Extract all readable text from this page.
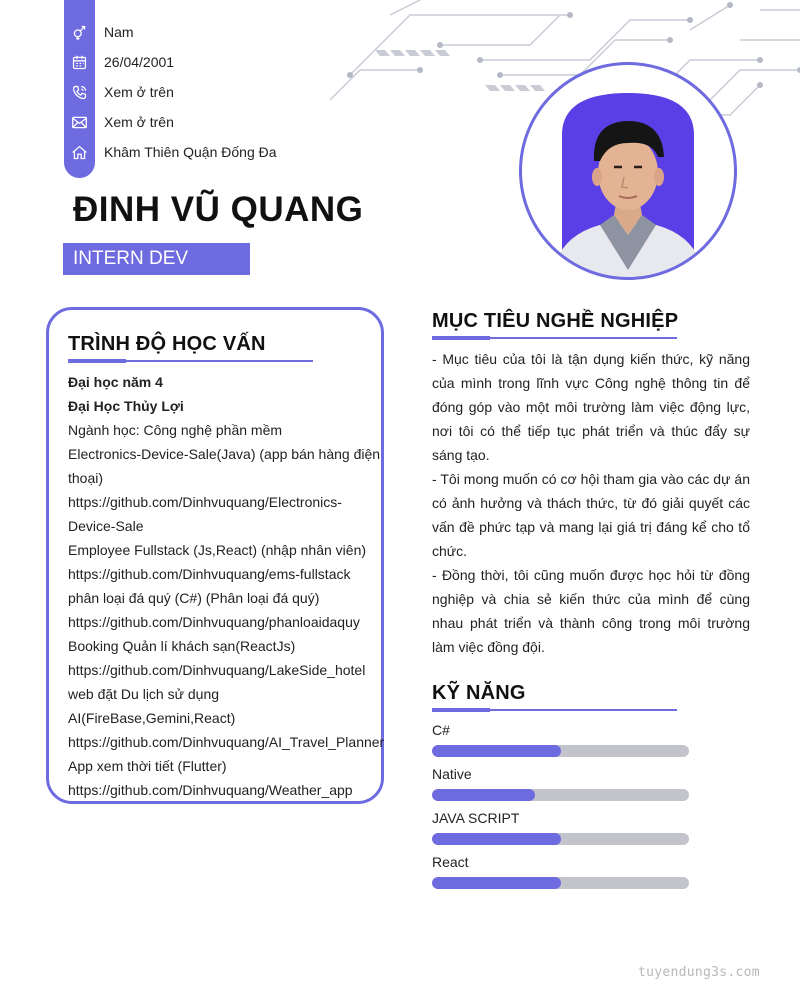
Nam
26/04/2001
Xem ở trên
Xem ở trên
Khâm Thiên Quận Đống Đa
ĐINH VŨ QUANG
INTERN DEV
TRÌNH ĐỘ HỌC VẤN
Đại học năm 4
Đại Học Thủy Lợi
Ngành học: Công nghệ phần mềm
Electronics-Device-Sale(Java) (app bán hàng điện
thoại)
https://github.com/Dinhvuquang/Electronics-
Device-Sale
Employee Fullstack (Js,React) (nhập nhân viên)
https://github.com/Dinhvuquang/ems-fullstack
phân loại đá quý (C#) (Phân loại đá quý)
https://github.com/Dinhvuquang/phanloaidaquy
Booking Quản lí khách sạn(ReactJs)
https://github.com/Dinhvuquang/LakeSide_hotel
web đặt Du lịch sử dụng AI(FireBase,Gemini,React)
https://github.com/Dinhvuquang/AI_Travel_Planner
App xem thời tiết (Flutter)
https://github.com/Dinhvuquang/Weather_app
MỤC TIÊU NGHỀ NGHIỆP

- Mục tiêu của tôi là tận dụng kiến thức, kỹ năng của mình trong lĩnh vực Công nghệ thông tin để đóng góp vào một môi trường làm việc động lực, nơi tôi có thể tiếp tục phát triển và thúc đẩy sự sáng tạo.

- Tôi mong muốn có cơ hội tham gia vào các dự án có ảnh hưởng và thách thức, từ đó giải quyết các vấn đề phức tạp và mang lại giá trị đáng kể cho tổ chức.

- Đồng thời, tôi cũng muốn được học hỏi từ đồng nghiệp và chia sẻ kiến thức của mình để cùng nhau phát triển và thành công trong môi trường làm việc đồng đội.

KỸ NĂNG
C#
Native
JAVA SCRIPT
React
tuyendung3s.com
